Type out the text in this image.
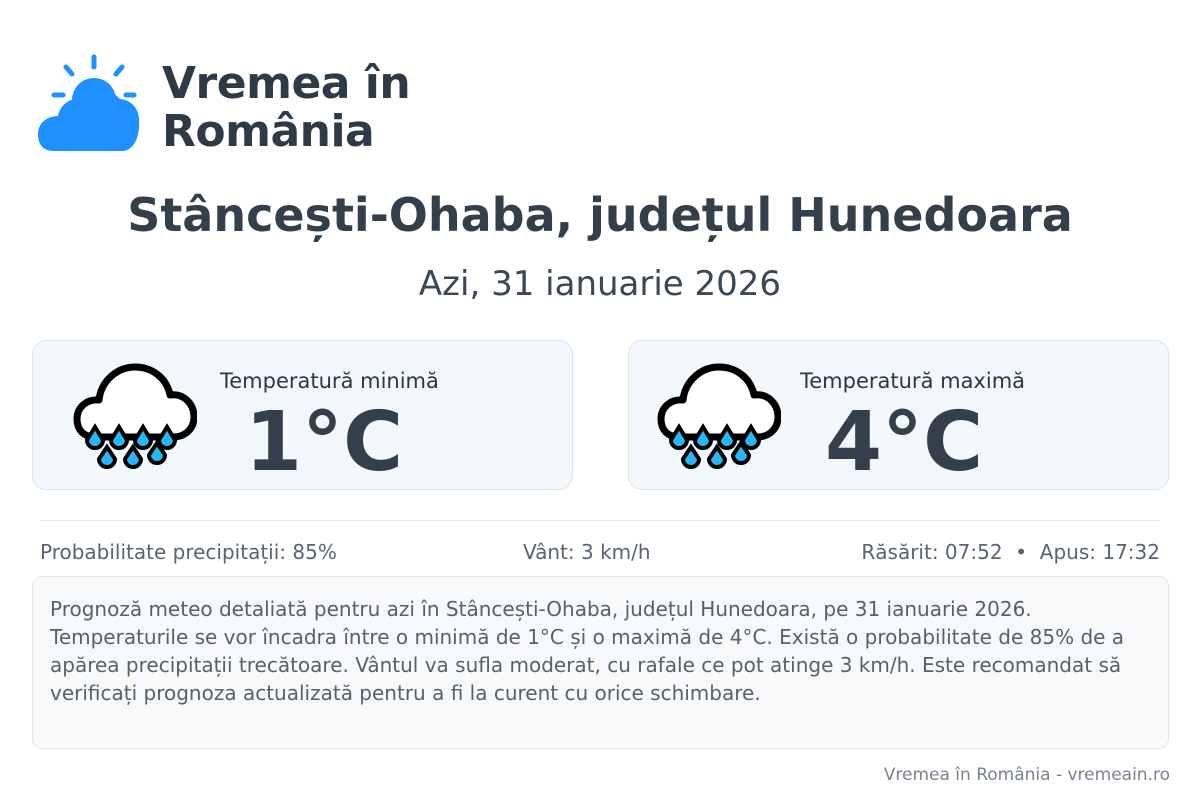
Vremea în
România
Stâncești-Ohaba, județul Hunedoara
Azi, 31 ianuarie 2026
Temperatură minimă
1°C
Temperatură maximă
4°C
Probabilitate precipitații: 85%	Vânt: 3 km/h	Răsărit: 07:52  •  Apus: 17:32
Prognoză meteo detaliată pentru azi în Stâncești-Ohaba, județul Hunedoara, pe 31 ianuarie 2026. Temperaturile se vor încadra între o minimă de 1°C și o maximă de 4°C. Există o probabilitate de 85% de a apărea precipitații trecătoare. Vântul va sufla moderat, cu rafale ce pot atinge 3 km/h. Este recomandat să verificați prognoza actualizată pentru a fi la curent cu orice schimbare.
Vremea în România - vremeain.ro
